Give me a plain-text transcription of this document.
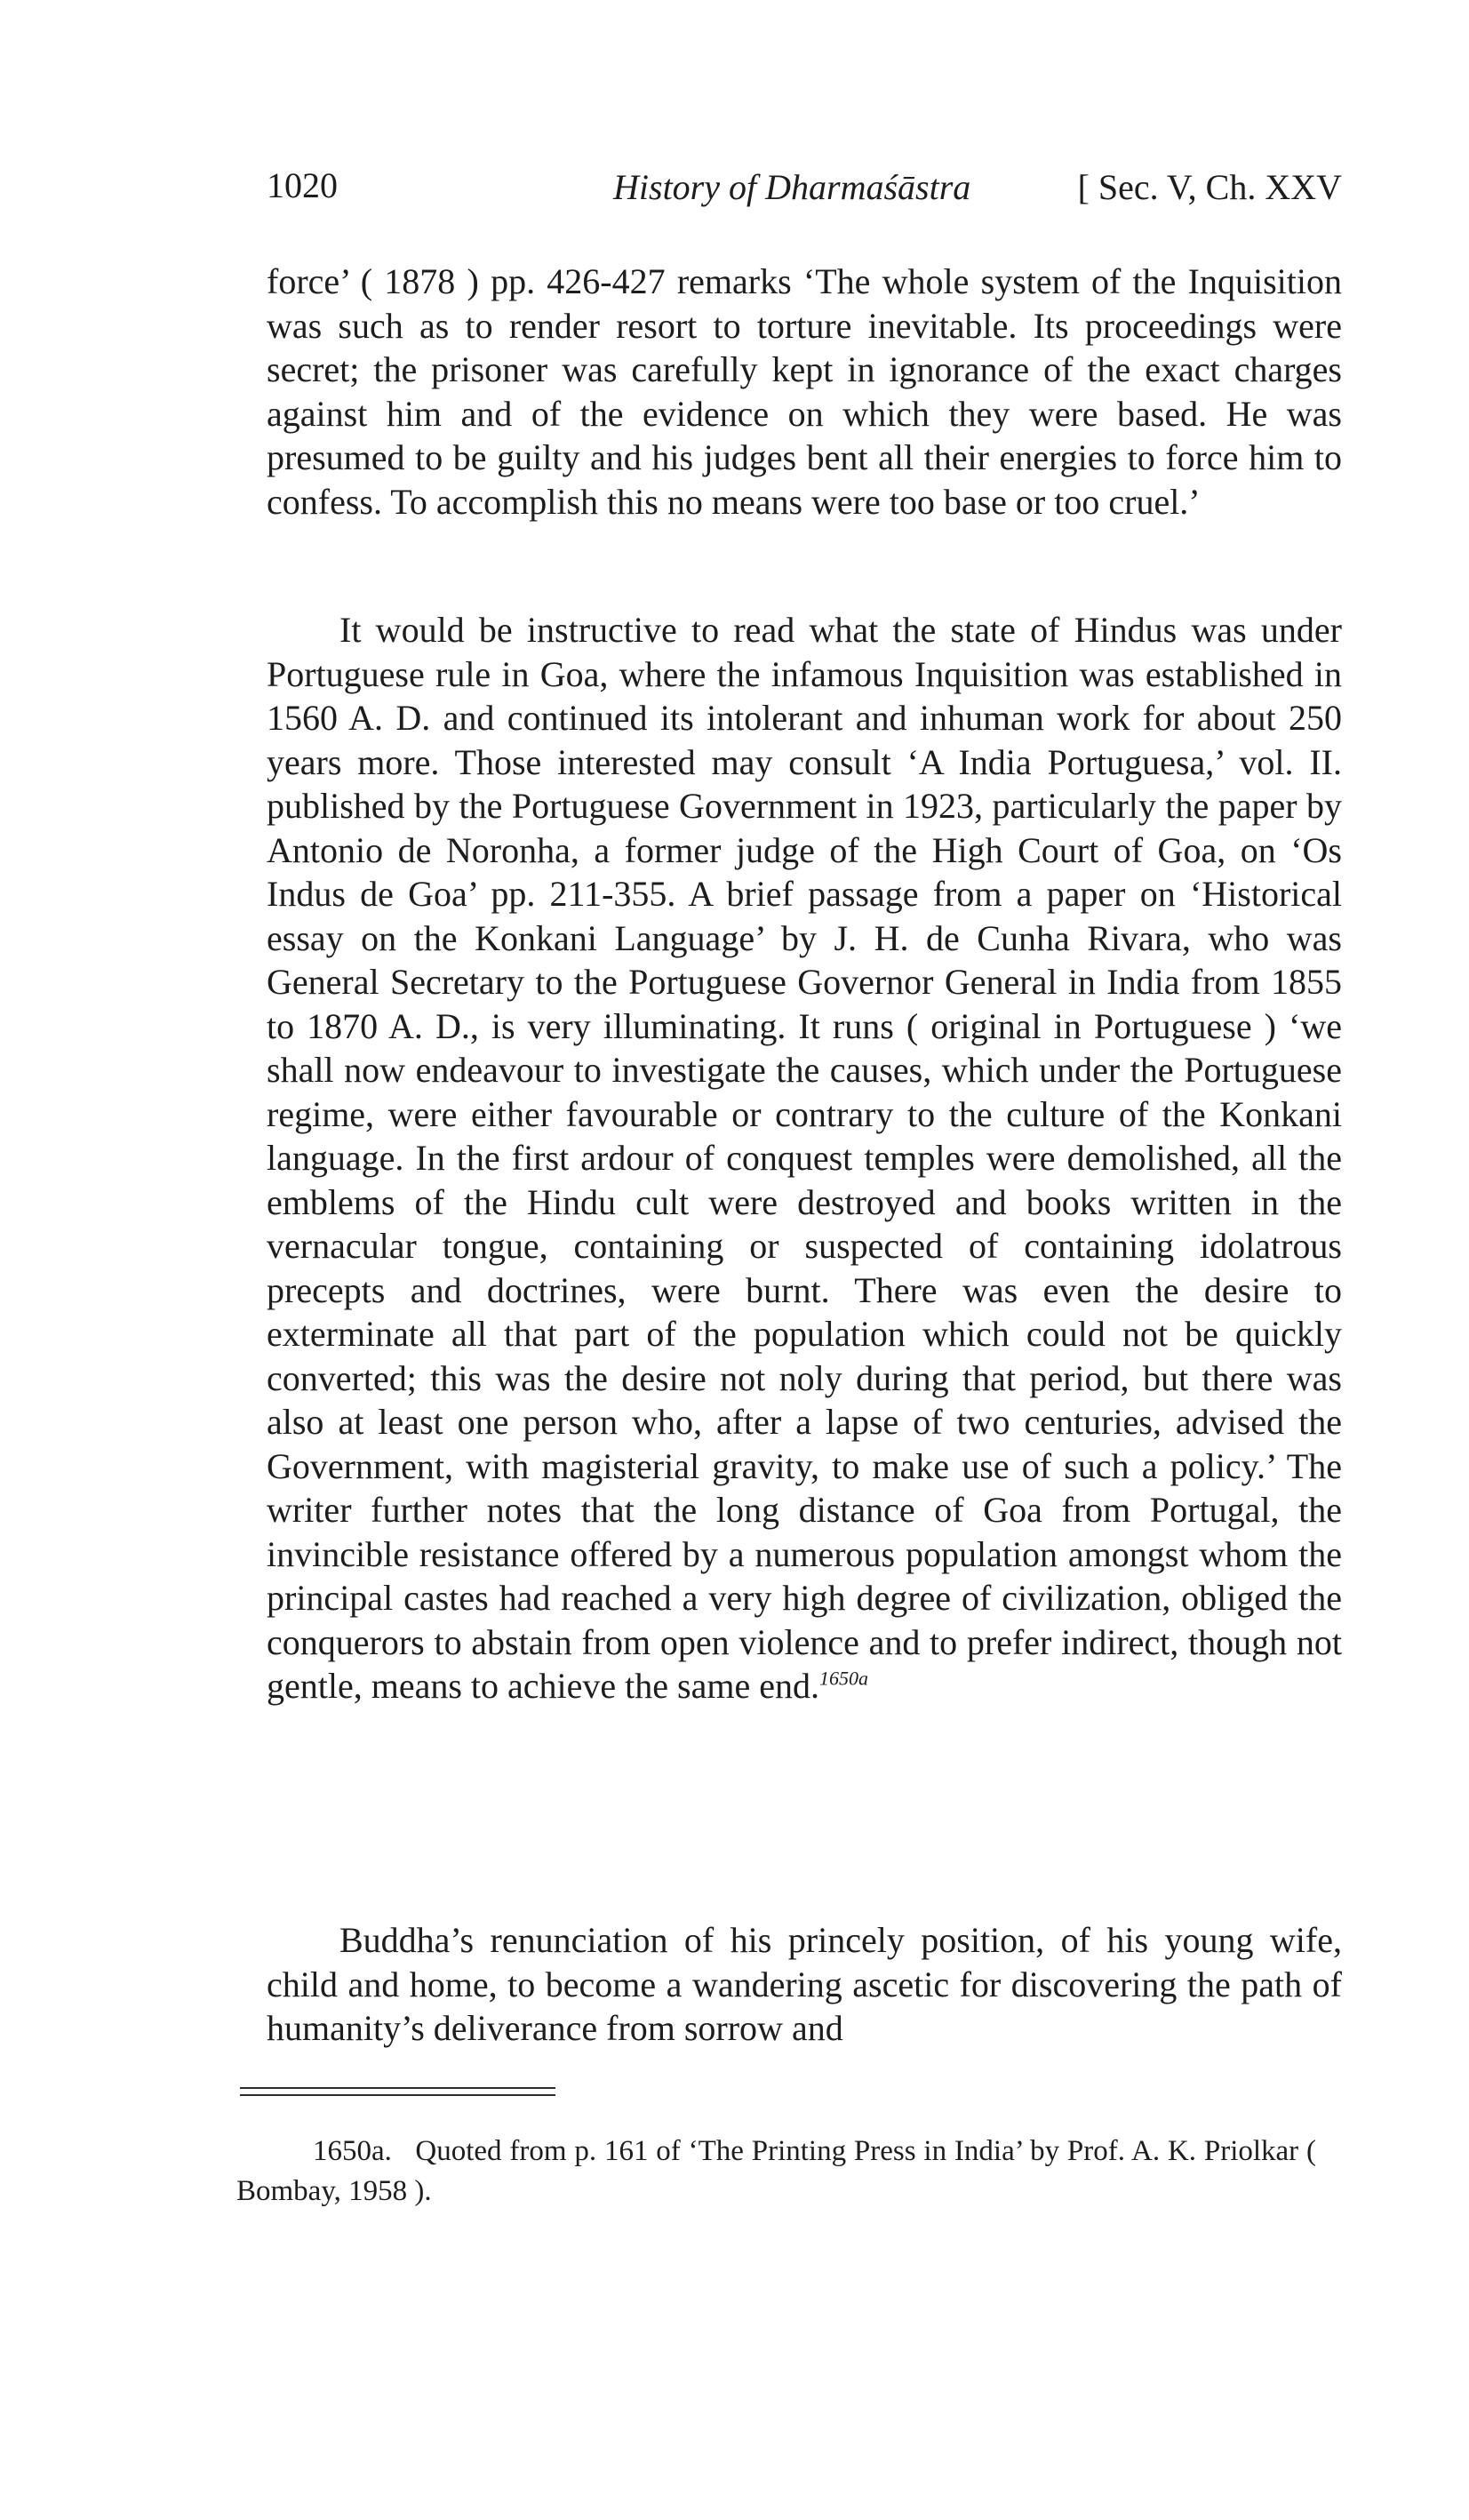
1020	History of Dharmaśāstra	[ Sec. V, Ch. XXV

force’ ( 1878 ) pp. 426-427 remarks ‘The whole system of the Inquisition was such as to render resort to torture inevitable. Its proceedings were secret; the prisoner was carefully kept in ignorance of the exact charges against him and of the evidence on which they were based. He was presumed to be guilty and his judges bent all their energies to force him to confess. To accomplish this no means were too base or too cruel.’

It would be instructive to read what the state of Hindus was under Portuguese rule in Goa, where the infamous Inquisition was established in 1560 A. D. and continued its intolerant and inhuman work for about 250 years more. Those interested may consult ‘A India Portuguesa,’ vol. II. published by the Portuguese Government in 1923, particularly the paper by Antonio de Noronha, a former judge of the High Court of Goa, on ‘Os Indus de Goa’ pp. 211-355. A brief passage from a paper on ‘Historical essay on the Konkani Language’ by J. H. de Cunha Rivara, who was General Secretary to the Portuguese Governor General in India from 1855 to 1870 A. D., is very illuminating. It runs ( original in Portuguese ) ‘we shall now endeavour to investigate the causes, which under the Portuguese regime, were either favourable or contrary to the culture of the Konkani language. In the first ardour of conquest temples were demolished, all the emblems of the Hindu cult were destroyed and books written in the vernacular tongue, containing or suspected of containing idolatrous precepts and doctrines, were burnt. There was even the desire to exterminate all that part of the population which could not be quickly converted; this was the desire not noly during that period, but there was also at least one person who, after a lapse of two centuries, advised the Government, with magisterial gravity, to make use of such a policy.’ The writer further notes that the long distance of Goa from Portugal, the invincible resistance offered by a numerous population amongst whom the principal castes had reached a very high degree of civilization, obliged the conquerors to abstain from open violence and to prefer indirect, though not gentle, means to achieve the same end.$^{1650a}$

Buddha’s renunciation of his princely position, of his young wife, child and home, to become a wandering ascetic for discovering the path of humanity’s deliverance from sorrow and

1650a. Quoted from p. 161 of ‘The Printing Press in India’ by Prof. A. K. Priolkar ( Bombay, 1958 ).
